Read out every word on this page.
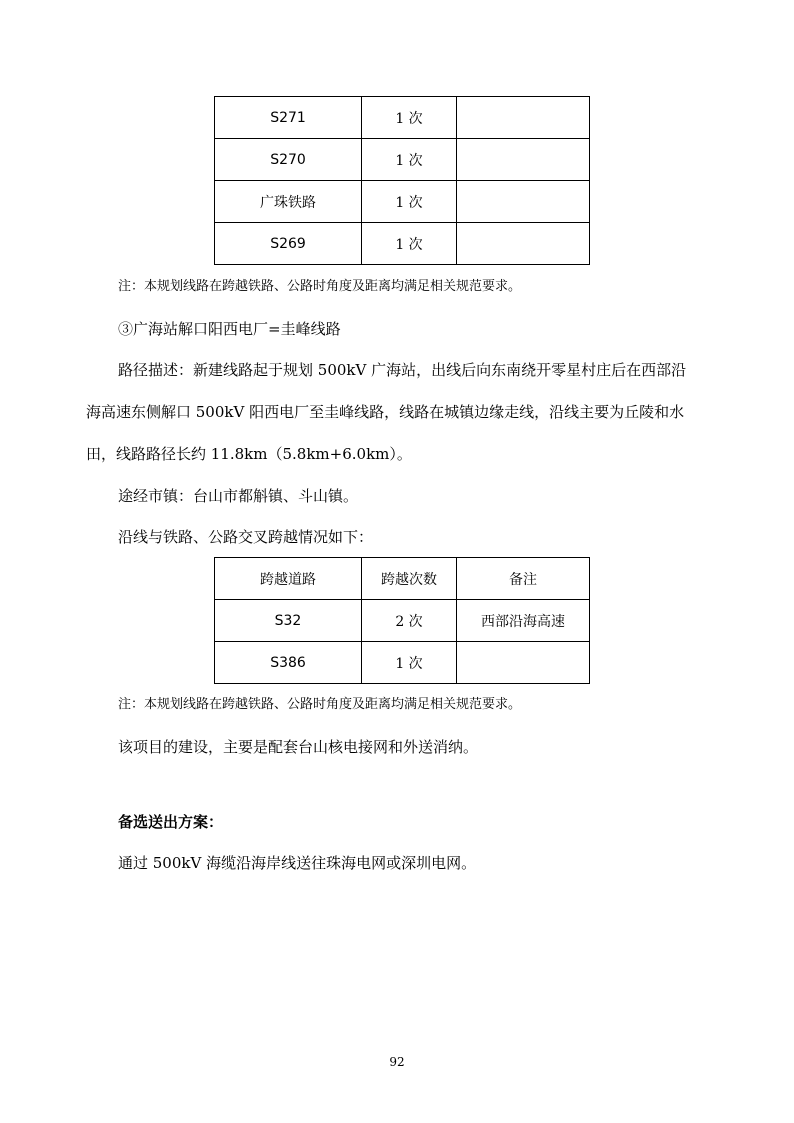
S271	1 次	
S270	1 次	
广珠铁路	1 次	
S269	1 次	
注：本规划线路在跨越铁路、公路时角度及距离均满足相关规范要求。
③广海站解口阳西电厂=圭峰线路
路径描述：新建线路起于规划 500kV 广海站，出线后向东南绕开零星村庄后在西部沿
海高速东侧解口 500kV 阳西电厂至圭峰线路，线路在城镇边缘走线，沿线主要为丘陵和水
田，线路路径长约 11.8km（5.8km+6.0km）。
途经市镇：台山市都斛镇、斗山镇。
沿线与铁路、公路交叉跨越情况如下：
跨越道路	跨越次数	备注
S32	2 次	西部沿海高速
S386	1 次	
注：本规划线路在跨越铁路、公路时角度及距离均满足相关规范要求。
该项目的建设，主要是配套台山核电接网和外送消纳。
备选送出方案：
通过 500kV 海缆沿海岸线送往珠海电网或深圳电网。
92
